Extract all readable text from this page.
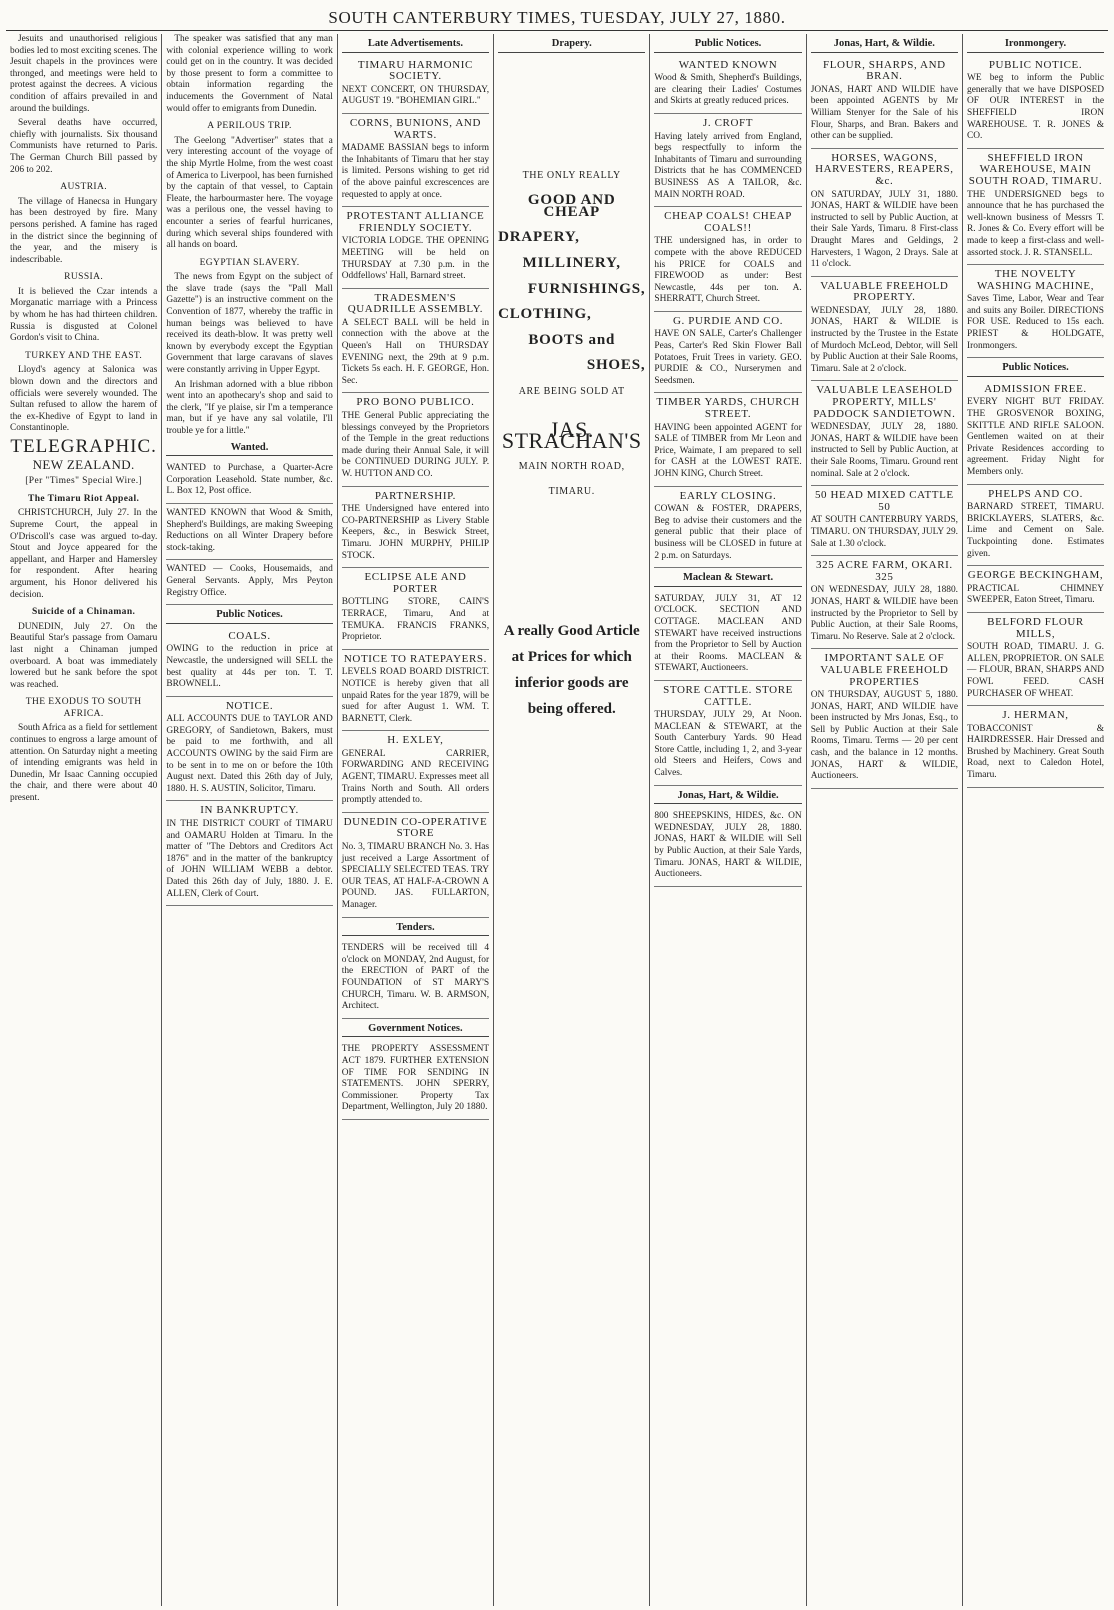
SOUTH CANTERBURY TIMES, TUESDAY, JULY 27, 1880.

Jesuits and unauthorised religious bodies led to most exciting scenes. The Jesuit chapels in the provinces were thronged, and meetings were held to protest against the decrees. A vicious condition of affairs prevailed in and around the buildings.

Several deaths have occurred, chiefly with journalists. Six thousand Communists have returned to Paris. The German Church Bill passed by 206 to 202.

AUSTRIA.

The village of Hanecsa in Hungary has been destroyed by fire. Many persons perished. A famine has raged in the district since the beginning of the year, and the misery is indescribable.

RUSSIA.

It is believed the Czar intends a Morganatic marriage with a Princess by whom he has had thirteen children. Russia is disgusted at Colonel Gordon's visit to China.

TURKEY AND THE EAST.

Lloyd's agency at Salonica was blown down and the directors and officials were severely wounded. The Sultan refused to allow the harem of the ex-Khedive of Egypt to land in Constantinople.

TELEGRAPHIC.
NEW ZEALAND.
[Per "Times" Special Wire.]
The Timaru Riot Appeal.

CHRISTCHURCH, July 27. In the Supreme Court, the appeal in O'Driscoll's case was argued to-day. Stout and Joyce appeared for the appellant, and Harper and Hamersley for respondent. After hearing argument, his Honor delivered his decision.

Suicide of a Chinaman.

DUNEDIN, July 27. On the Beautiful Star's passage from Oamaru last night a Chinaman jumped overboard. A boat was immediately lowered but he sank before the spot was reached.

THE EXODUS TO SOUTH AFRICA.

South Africa as a field for settlement continues to engross a large amount of attention. On Saturday night a meeting of intending emigrants was held in Dunedin, Mr Isaac Canning occupied the chair, and there were about 40 present.

The speaker was satisfied that any man with colonial experience willing to work could get on in the country. It was decided by those present to form a committee to obtain information regarding the inducements the Government of Natal would offer to emigrants from Dunedin.

A PERILOUS TRIP.

The Geelong "Advertiser" states that a very interesting account of the voyage of the ship Myrtle Holme, from the west coast of America to Liverpool, has been furnished by the captain of that vessel, to Captain Fleate, the harbourmaster here. The voyage was a perilous one, the vessel having to encounter a series of fearful hurricanes, during which several ships foundered with all hands on board.

EGYPTIAN SLAVERY.

The news from Egypt on the subject of the slave trade (says the "Pall Mall Gazette") is an instructive comment on the Convention of 1877, whereby the traffic in human beings was believed to have received its death-blow. It was pretty well known by everybody except the Egyptian Government that large caravans of slaves were constantly arriving in Upper Egypt.

An Irishman adorned with a blue ribbon went into an apothecary's shop and said to the clerk, "If ye plaise, sir I'm a temperance man, but if ye have any sal volatile, I'll trouble ye for a little."

Wanted.
WANTED to Purchase, a Quarter-Acre Corporation Leasehold. State number, &c. L. Box 12, Post office.
WANTED KNOWN that Wood & Smith, Shepherd's Buildings, are making Sweeping Reductions on all Winter Drapery before stock-taking.
WANTED — Cooks, Housemaids, and General Servants. Apply, Mrs Peyton Registry Office.
Public Notices.
COALS.
OWING to the reduction in price at Newcastle, the undersigned will SELL the best quality at 44s per ton. T. T. BROWNELL.
NOTICE.
ALL ACCOUNTS DUE to TAYLOR AND GREGORY, of Sandietown, Bakers, must be paid to me forthwith, and all ACCOUNTS OWING by the said Firm are to be sent in to me on or before the 10th August next. Dated this 26th day of July, 1880. H. S. AUSTIN, Solicitor, Timaru.
IN BANKRUPTCY.
IN THE DISTRICT COURT of TIMARU and OAMARU Holden at Timaru. In the matter of "The Debtors and Creditors Act 1876" and in the matter of the bankruptcy of JOHN WILLIAM WEBB a debtor. Dated this 26th day of July, 1880. J. E. ALLEN, Clerk of Court.
Late Advertisements.
TIMARU HARMONIC SOCIETY.
NEXT CONCERT, ON THURSDAY, AUGUST 19. "BOHEMIAN GIRL."
CORNS, BUNIONS, AND WARTS.
MADAME BASSIAN begs to inform the Inhabitants of Timaru that her stay is limited. Persons wishing to get rid of the above painful excrescences are requested to apply at once.
PROTESTANT ALLIANCE FRIENDLY SOCIETY.
VICTORIA LODGE. THE OPENING MEETING will be held on THURSDAY at 7.30 p.m. in the Oddfellows' Hall, Barnard street.
TRADESMEN'S QUADRILLE ASSEMBLY.
A SELECT BALL will be held in connection with the above at the Queen's Hall on THURSDAY EVENING next, the 29th at 9 p.m. Tickets 5s each. H. F. GEORGE, Hon. Sec.
PRO BONO PUBLICO.
THE General Public appreciating the blessings conveyed by the Proprietors of the Temple in the great reductions made during their Annual Sale, it will be CONTINUED DURING JULY. P. W. HUTTON AND CO.
PARTNERSHIP.
THE Undersigned have entered into CO-PARTNERSHIP as Livery Stable Keepers, &c., in Beswick Street, Timaru. JOHN MURPHY, PHILIP STOCK.
ECLIPSE ALE AND PORTER
BOTTLING STORE, CAIN'S TERRACE, Timaru, And at TEMUKA. FRANCIS FRANKS, Proprietor.
NOTICE TO RATEPAYERS.
LEVELS ROAD BOARD DISTRICT. NOTICE is hereby given that all unpaid Rates for the year 1879, will be sued for after August 1. WM. T. BARNETT, Clerk.
H. EXLEY,
GENERAL CARRIER, FORWARDING AND RECEIVING AGENT, TIMARU. Expresses meet all Trains North and South. All orders promptly attended to.
DUNEDIN CO-OPERATIVE STORE
No. 3, TIMARU BRANCH No. 3. Has just received a Large Assortment of SPECIALLY SELECTED TEAS. TRY OUR TEAS, AT HALF-A-CROWN A POUND. JAS. FULLARTON, Manager.
Tenders.
TENDERS will be received till 4 o'clock on MONDAY, 2nd August, for the ERECTION of PART of the FOUNDATION of ST MARY'S CHURCH, Timaru. W. B. ARMSON, Architect.
Government Notices.
THE PROPERTY ASSESSMENT ACT 1879. FURTHER EXTENSION OF TIME FOR SENDING IN STATEMENTS. JOHN SPERRY, Commissioner. Property Tax Department, Wellington, July 20 1880.
Drapery.
THE ONLY REALLY
GOOD AND CHEAP
DRAPERY,
MILLINERY,
FURNISHINGS,
CLOTHING,
BOOTS and
SHOES,
ARE BEING SOLD AT
JAS. STRACHAN'S
MAIN NORTH ROAD,
TIMARU.
A really Good Article at Prices for which inferior goods are being offered.
Public Notices.
WANTED KNOWN
Wood & Smith, Shepherd's Buildings, are clearing their Ladies' Costumes and Skirts at greatly reduced prices.
J. CROFT
Having lately arrived from England, begs respectfully to inform the Inhabitants of Timaru and surrounding Districts that he has COMMENCED BUSINESS AS A TAILOR, &c. MAIN NORTH ROAD.
CHEAP COALS! CHEAP COALS!!
THE undersigned has, in order to compete with the above REDUCED his PRICE for COALS and FIREWOOD as under: Best Newcastle, 44s per ton. A. SHERRATT, Church Street.
G. PURDIE AND CO.
HAVE ON SALE, Carter's Challenger Peas, Carter's Red Skin Flower Ball Potatoes, Fruit Trees in variety. GEO. PURDIE & CO., Nurserymen and Seedsmen.
TIMBER YARDS, CHURCH STREET.
HAVING been appointed AGENT for SALE of TIMBER from Mr Leon and Price, Waimate, I am prepared to sell for CASH at the LOWEST RATE. JOHN KING, Church Street.
EARLY CLOSING.
COWAN & FOSTER, DRAPERS, Beg to advise their customers and the general public that their place of business will be CLOSED in future at 2 p.m. on Saturdays.
Maclean & Stewart.
SATURDAY, JULY 31, AT 12 O'CLOCK. SECTION AND COTTAGE. MACLEAN AND STEWART have received instructions from the Proprietor to Sell by Auction at their Rooms. MACLEAN & STEWART, Auctioneers.
STORE CATTLE. STORE CATTLE.
THURSDAY, JULY 29, At Noon. MACLEAN & STEWART, at the South Canterbury Yards. 90 Head Store Cattle, including 1, 2, and 3-year old Steers and Heifers, Cows and Calves.
Jonas, Hart, & Wildie.
800 SHEEPSKINS, HIDES, &c. ON WEDNESDAY, JULY 28, 1880. JONAS, HART & WILDIE will Sell by Public Auction, at their Sale Yards, Timaru. JONAS, HART & WILDIE, Auctioneers.
Jonas, Hart, & Wildie.
FLOUR, SHARPS, AND BRAN.
JONAS, HART AND WILDIE have been appointed AGENTS by Mr William Stenyer for the Sale of his Flour, Sharps, and Bran. Bakers and other can be supplied.
HORSES, WAGONS, HARVESTERS, REAPERS, &c.
ON SATURDAY, JULY 31, 1880. JONAS, HART & WILDIE have been instructed to sell by Public Auction, at their Sale Yards, Timaru. 8 First-class Draught Mares and Geldings, 2 Harvesters, 1 Wagon, 2 Drays. Sale at 11 o'clock.
VALUABLE FREEHOLD PROPERTY.
WEDNESDAY, JULY 28, 1880. JONAS, HART & WILDIE is instructed by the Trustee in the Estate of Murdoch McLeod, Debtor, will Sell by Public Auction at their Sale Rooms, Timaru. Sale at 2 o'clock.
VALUABLE LEASEHOLD PROPERTY, MILLS' PADDOCK SANDIETOWN.
WEDNESDAY, JULY 28, 1880. JONAS, HART & WILDIE have been instructed to Sell by Public Auction, at their Sale Rooms, Timaru. Ground rent nominal. Sale at 2 o'clock.
50 HEAD MIXED CATTLE 50
AT SOUTH CANTERBURY YARDS, TIMARU. ON THURSDAY, JULY 29. Sale at 1.30 o'clock.
325 ACRE FARM, OKARI. 325
ON WEDNESDAY, JULY 28, 1880. JONAS, HART & WILDIE have been instructed by the Proprietor to Sell by Public Auction, at their Sale Rooms, Timaru. No Reserve. Sale at 2 o'clock.
IMPORTANT SALE OF VALUABLE FREEHOLD PROPERTIES
ON THURSDAY, AUGUST 5, 1880. JONAS, HART, AND WILDIE have been instructed by Mrs Jonas, Esq., to Sell by Public Auction at their Sale Rooms, Timaru. Terms — 20 per cent cash, and the balance in 12 months. JONAS, HART & WILDIE, Auctioneers.
Ironmongery.
PUBLIC NOTICE.
WE beg to inform the Public generally that we have DISPOSED OF OUR INTEREST in the SHEFFIELD IRON WAREHOUSE. T. R. JONES & CO.
SHEFFIELD IRON WAREHOUSE, MAIN SOUTH ROAD, TIMARU.
THE UNDERSIGNED begs to announce that he has purchased the well-known business of Messrs T. R. Jones & Co. Every effort will be made to keep a first-class and well-assorted stock. J. R. STANSELL.
THE NOVELTY WASHING MACHINE,
Saves Time, Labor, Wear and Tear and suits any Boiler. DIRECTIONS FOR USE. Reduced to 15s each. PRIEST & HOLDGATE, Ironmongers.
Public Notices.
ADMISSION FREE.
EVERY NIGHT BUT FRIDAY. THE GROSVENOR BOXING, SKITTLE AND RIFLE SALOON. Gentlemen waited on at their Private Residences according to agreement. Friday Night for Members only.
PHELPS AND CO.
BARNARD STREET, TIMARU. BRICKLAYERS, SLATERS, &c. Lime and Cement on Sale. Tuckpointing done. Estimates given.
GEORGE BECKINGHAM,
PRACTICAL CHIMNEY SWEEPER, Eaton Street, Timaru.
BELFORD FLOUR MILLS,
SOUTH ROAD, TIMARU. J. G. ALLEN, PROPRIETOR. ON SALE — FLOUR, BRAN, SHARPS AND FOWL FEED. CASH PURCHASER OF WHEAT.
J. HERMAN,
TOBACCONIST & HAIRDRESSER. Hair Dressed and Brushed by Machinery. Great South Road, next to Caledon Hotel, Timaru.
